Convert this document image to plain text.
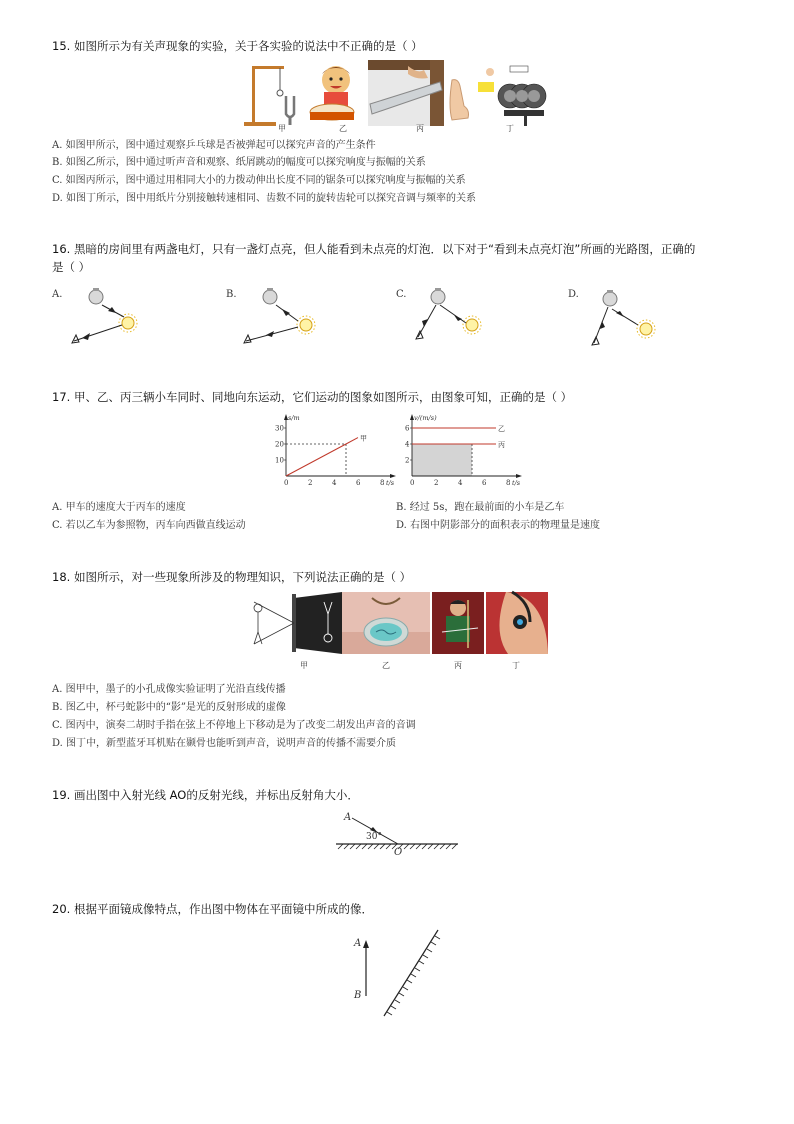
15. 如图所示为有关声现象的实验，关于各实验的说法中不正确的是（ ）
甲	乙	丙	丁
A. 如图甲所示，图中通过观察乒乓球是否被弹起可以探究声音的产生条件
B. 如图乙所示，图中通过听声音和观察、纸屑跳动的幅度可以探究响度与振幅的关系
C. 如图丙所示，图中通过用相同大小的力拨动伸出长度不同的锯条可以探究响度与振幅的关系
D. 如图丁所示，图中用纸片分别接触转速相同、齿数不同的旋转齿轮可以探究音调与频率的关系
16. 黑暗的房间里有两盏电灯，只有一盏灯点亮，但人能看到未点亮的灯泡．以下对于“看到未点亮灯泡”所画的光路图，正确的
是（ ）
A.	B.	C.	D.
17. 甲、乙、丙三辆小车同时、同地向东运动，它们运动的图象如图所示，由图象可知，正确的是（ ）
0	2	4	6	8
10
20
30
s/m
t/s
甲
0	2	4	6	8
2
4
6
v/(m/s)
t/s
乙
丙
A. 甲车的速度大于丙车的速度	B. 经过 5s，跑在最前面的小车是乙车
C. 若以乙车为参照物，丙车向西做直线运动	D. 右图中阴影部分的面积表示的物理量是速度
18. 如图所示，对一些现象所涉及的物理知识，下列说法正确的是（ ）
甲	乙	丙	丁
A. 图甲中，墨子的小孔成像实验证明了光沿直线传播
B. 图乙中，杯弓蛇影中的“影”是光的反射形成的虚像
C. 图丙中，演奏二胡时手指在弦上不停地上下移动是为了改变二胡发出声音的音调
D. 图丁中，新型蓝牙耳机贴在颞骨也能听到声音，说明声音的传播不需要介质
19. 画出图中入射光线 AO的反射光线，并标出反射角大小．
A
30°
O
20. 根据平面镜成像特点，作出图中物体在平面镜中所成的像．
A
B
